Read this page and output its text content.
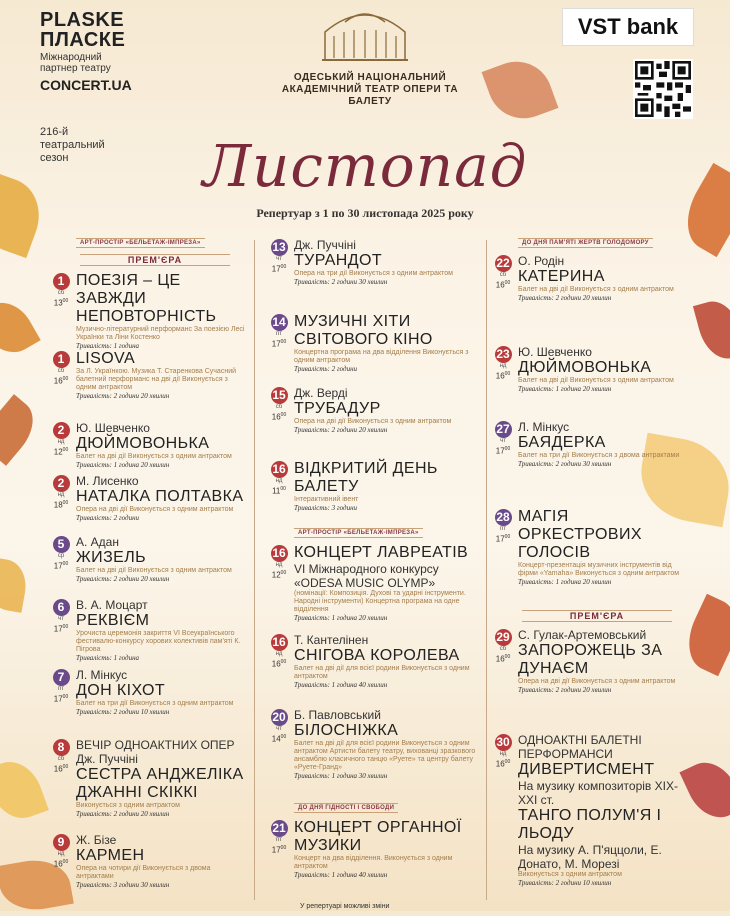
PLASKE
ПЛАСКЕ
Міжнародний партнер театру
CONCERT.UA
216-й театральний сезон
ОДЕСЬКИЙ НАЦІОНАЛЬНИЙ АКАДЕМІЧНИЙ ТЕАТР ОПЕРИ ТА БАЛЕТУ
VST bank
Листопад
Репертуар з 1 по 30 листопада 2025 року
АРТ-ПРОСТІР «БЕЛЬЕТАЖ-ІМПРЕЗА»
ПРЕМ'ЄРА
1
сб
$13^{00}$
ПОЕЗІЯ – ЦЕ ЗАВЖДИ НЕПОВТОРНІСТЬ
Музично-літературний перформанс За поезією Лесі Українки та Ліни Костенко
Тривалість: 1 година
1
сб
$16^{00}$
LISOVA
За Л. Українкою. Музика Т. Старенкова Сучасний балетний перформанс на дві дії Виконується з одним антрактом
Тривалість: 2 години 20 хвилин
2
нд
$12^{00}$
Ю. Шевченко
ДЮЙМОВОНЬКА
Балет на дві дії Виконується з одним антрактом
Тривалість: 1 година 20 хвилин
2
нд
$18^{00}$
М. Лисенко
НАТАЛКА ПОЛТАВКА
Опера на дві дії Виконується з одним антрактом
Тривалість: 2 години
5
ср
$17^{00}$
А. Адан
ЖИЗЕЛЬ
Балет на дві дії Виконується з одним антрактом
Тривалість: 2 години 20 хвилин
6
чт
$17^{00}$
В. А. Моцарт
РЕКВІЄМ
Урочиста церемонія закриття VI Всеукраїнського фестивалю-конкурсу хорових колективів пам'яті К. Пігрова
Тривалість: 1 година
7
пт
$17^{00}$
Л. Мінкус
ДОН КІХОТ
Балет на три дії Виконується з одним антрактом
Тривалість: 2 години 10 хвилин
8
сб
$16^{00}$
ВЕЧІР ОДНОАКТНИХ ОПЕР
Дж. Пуччіні
СЕСТРА АНДЖЕЛІКА ДЖАННІ СКІККІ
Виконується з одним антрактом
Тривалість: 2 години 20 хвилин
9
нд
$16^{00}$
Ж. Бізе
КАРМЕН
Опера на чотири дії Виконується з двома антрактами
Тривалість: 3 години 30 хвилин
13
чт
$17^{00}$
Дж. Пуччіні
ТУРАНДОТ
Опера на три дії Виконується з одним антрактом
Тривалість: 2 години 30 хвилин
14
пт
$17^{00}$
МУЗИЧНІ ХІТИ СВІТОВОГО КІНО
Концертна програма на два відділення Виконується з одним антрактом
Тривалість: 2 години
15
сб
$16^{00}$
Дж. Верді
ТРУБАДУР
Опера на дві дії Виконується з одним антрактом
Тривалість: 2 години 20 хвилин
16
нд
$11^{00}$
ВІДКРИТИЙ ДЕНЬ БАЛЕТУ
Інтерактивний івент
Тривалість: 3 години
АРТ-ПРОСТІР «БЕЛЬЕТАЖ-ІМПРЕЗА»
16
нд
$12^{00}$
КОНЦЕРТ ЛАВРЕАТІВ
VI Міжнародного конкурсу «ODESA MUSIC OLYMP»
(номінації: Композиція. Духові та ударні інструменти. Народні інструменти) Концертна програма на одне відділення
Тривалість: 1 година 20 хвилин
16
нд
$16^{00}$
Т. Кантелінен
СНІГОВА КОРОЛЕВА
Балет на дві дії для всієї родини Виконується з одним антрактом
Тривалість: 1 година 40 хвилин
20
чт
$14^{00}$
Б. Павловський
БІЛОСНІЖКА
Балет на дві дії для всієї родини Виконується з одним антрактом Артисти балету театру, вихованці зразкового ансамблю класичного танцю «Руете» та центру балету «Руете-Гранд»
Тривалість: 1 година 30 хвилин
ДО ДНЯ ГІДНОСТІ І СВОБОДИ
21
пт
$17^{00}$
КОНЦЕРТ ОРГАННОЇ МУЗИКИ
Концерт на два відділення. Виконується з одним антрактом
Тривалість: 1 година 40 хвилин
ДО ДНЯ ПАМ'ЯТІ ЖЕРТВ ГОЛОДОМОРУ
22
сб
$16^{00}$
О. Родін
КАТЕРИНА
Балет на дві дії Виконується з одним антрактом
Тривалість: 2 години 20 хвилин
23
нд
$16^{00}$
Ю. Шевченко
ДЮЙМОВОНЬКА
Балет на дві дії Виконується з одним антрактом
Тривалість: 1 година 20 хвилин
27
чт
$17^{00}$
Л. Мінкус
БАЯДЕРКА
Балет на три дії Виконується з двома антрактами
Тривалість: 2 години 30 хвилин
28
пт
$17^{00}$
МАГІЯ ОРКЕСТРОВИХ ГОЛОСІВ
Концерт-презентація музичних інструментів від фірми «Yamaha» Виконується з одним антрактом
Тривалість: 1 година 20 хвилин
ПРЕМ'ЄРА
29
сб
$16^{00}$
С. Гулак-Артемовський
ЗАПОРОЖЕЦЬ ЗА ДУНАЄМ
Опера на дві дії Виконується з одним антрактом
Тривалість: 2 години 20 хвилин
30
нд
$16^{00}$
ОДНОАКТНІ БАЛЕТНІ ПЕРФОРМАНСИ
ДИВЕРТИСМЕНТ
На музику композиторів XIX-XXI ст.
ТАНГО ПОЛУМ'Я І ЛЬОДУ
На музику А. П'яццоли, Е. Донато, М. Морезі
Виконується з одним антрактом
Тривалість: 2 години 10 хвилин
У репертуарі можливі зміни
